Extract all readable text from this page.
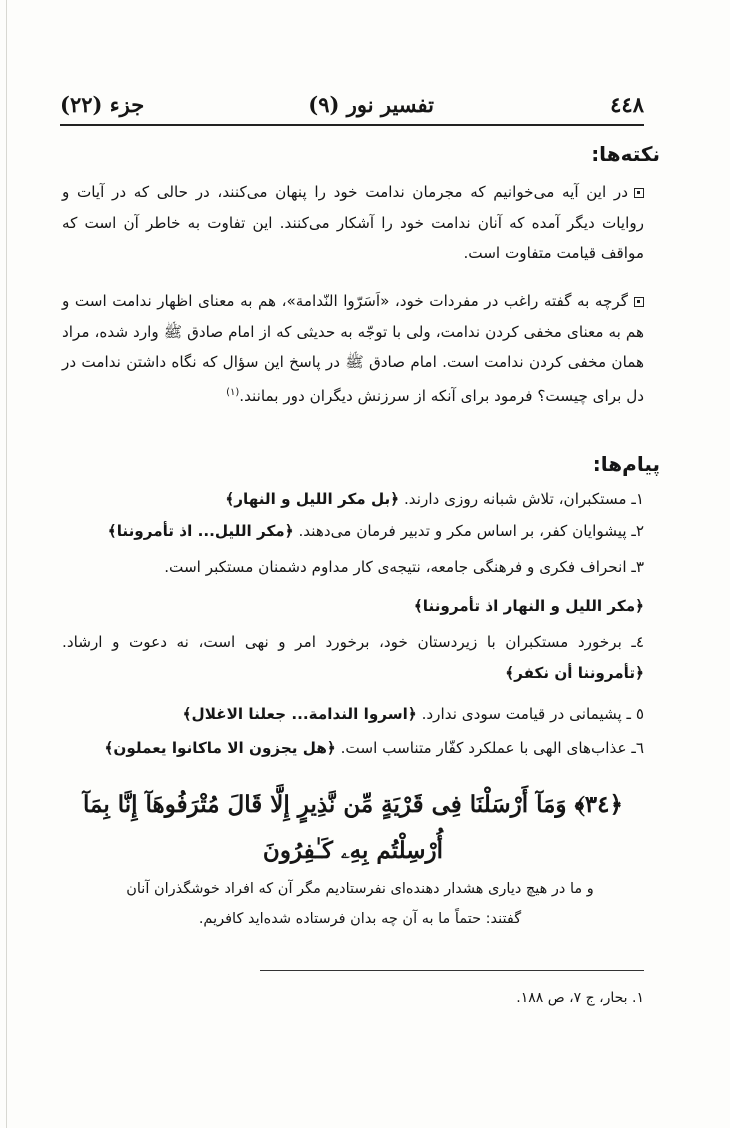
٤٤٨
تفسیر نور (۹)
جزء (۲۲)
نکته‌ها:
در این آیه می‌خوانیم که مجرمان ندامت خود را پنهان می‌کنند، در حالی که در آیات و روایات دیگر آمده که آنان ندامت خود را آشکار می‌کنند. این تفاوت به خاطر آن است که مواقف قیامت متفاوت است.
گرچه به گفته راغب در مفردات خود، «اَسَرّوا النّدامة»، هم به معنای اظهار ندامت است و هم به معنای مخفی کردن ندامت، ولی با توجّه به حدیثی که از امام صادق ﷺ وارد شده، مراد همان مخفی کردن ندامت است. امام صادق ﷺ در پاسخ این سؤال که نگاه داشتن ندامت در دل برای چیست؟ فرمود برای آنکه از سرزنش دیگران دور بمانند.$^{(۱)}$
پیام‌ها:
۱ـ مستکبران، تلاش شبانه روزی دارند. ﴿بل مکر اللیل و النهار﴾
۲ـ پیشوایان کفر، بر اساس مکر و تدبیر فرمان می‌دهند. ﴿مکر اللیل... اذ تأمروننا﴾
۳ـ انحراف فکری و فرهنگی جامعه، نتیجه‌ی کار مداوم دشمنان مستکبر است.
﴿مکر اللیل و النهار اذ تأمروننا﴾
٤ـ برخورد مستکبران با زیردستان خود، برخورد امر و نهی است، نه دعوت و ارشاد. ﴿تأمروننا أن نکفر﴾
٥ ـ پشیمانی در قیامت سودی ندارد. ﴿اسروا الندامة... جعلنا الاغلال﴾
٦ـ عذاب‌های الهی با عملکرد کفّار متناسب است. ﴿هل یجزون الا ماکانوا یعملون﴾
﴿٣٤﴾ وَمَآ أَرْسَلْنَا فِى قَرْيَةٍ مِّن نَّذِيرٍ إِلَّا قَالَ مُتْرَفُوهَآ إِنَّا بِمَآ أُرْسِلْتُم بِهِۦ كَـٰفِرُونَ
و ما در هیچ دیاری هشدار دهنده‌ای نفرستادیم مگر آن که افراد خوشگذران آنان گفتند: حتماً ما به آن چه بدان فرستاده شده‌اید کافریم.
۱. بحار، ج ۷، ص ۱۸۸.
